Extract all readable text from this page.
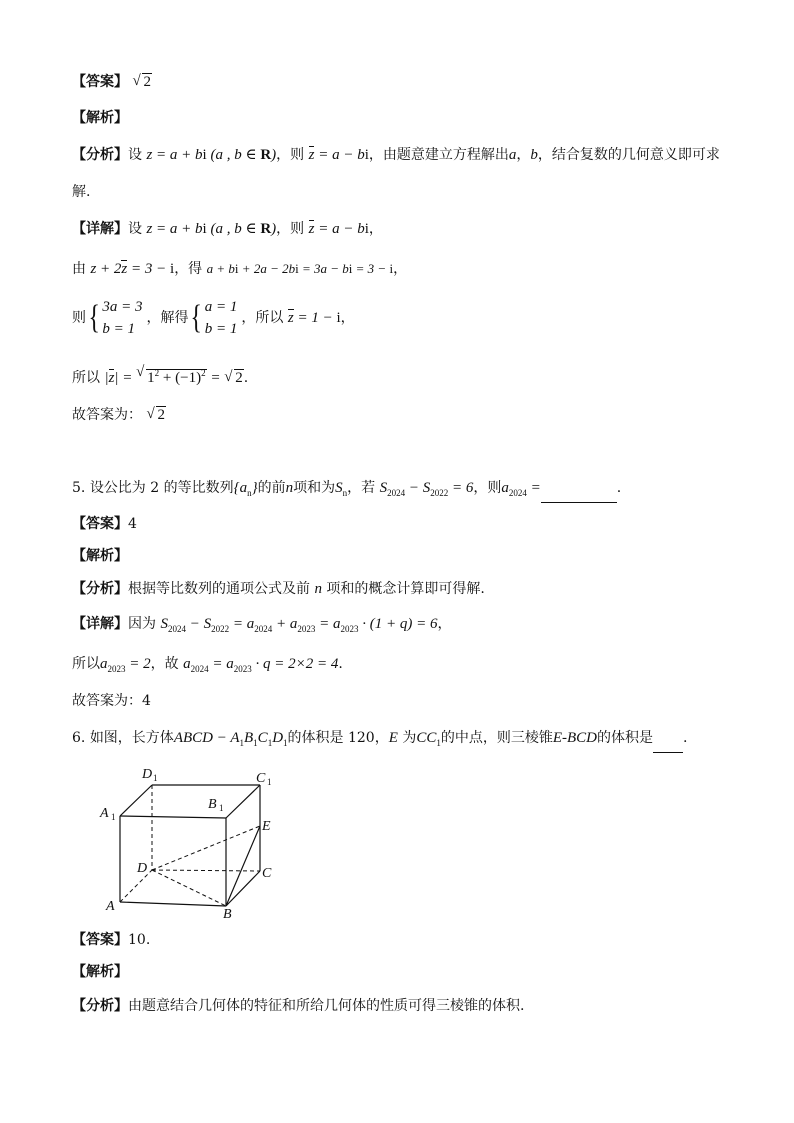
【答案】 √ 2
【解析】
【分析】设 z = a + bi (a , b ∈ R)，则 z = a − bi，由题意建立方程解出a，b，结合复数的几何意义即可求
解.
【详解】设 z = a + bi (a , b ∈ R)，则 z = a − bi，
由 z + 2z = 3 − i，得 a + bi + 2a − 2bi = 3a − bi = 3 − i，
则{ 3a = 3
b = 1，解得{ a = 1
b = 1，所以 z = 1 − i，
所以 |z| = √ $1^2 + (-1)^2$ = √ 2.
故答案为： √ 2
5. 设公比为 2 的等比数列$\{a_n\}$的前n项和为$S_n$，若 $S_{2024} - S_{2022} = 6$，则$a_{2024}$ =	.
【答案】4
【解析】
【分析】根据等比数列的通项公式及前 n 项和的概念计算即可得解.
【详解】因为 $S_{2024} - S_{2022} = a_{2024} + a_{2023} = a_{2023} \cdot (1 + q) = 6$，
所以$a_{2023} = 2$，故 $a_{2024} = a_{2023} \cdot q = 2\times 2 = 4$.
故答案为：4
6. 如图，长方体ABCD − $A_1B_1C_1D_1$的体积是 120，E 为$CC_1$的中点，则三棱锥E-BCD的体积是 .
D 1	C 1
B 1
A 1
E
D	C
A
B
【答案】10.
【解析】
【分析】由题意结合几何体的特征和所给几何体的性质可得三棱锥的体积.
